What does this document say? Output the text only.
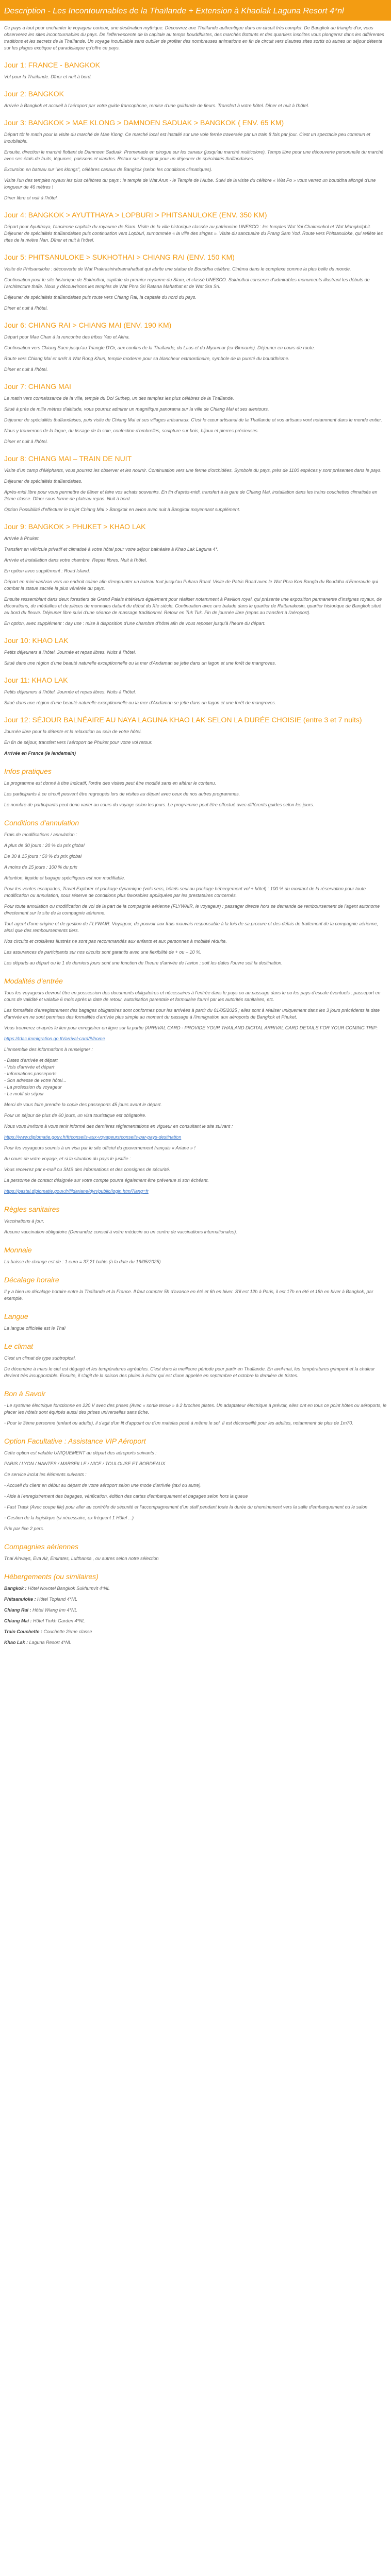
Description - Les Incontournables de la Thaïlande + Extension à Khaolak Laguna Resort 4*nl

Ce pays a tout pour enchanter le voyageur curieux, une destination mythique. Découvrez une Thaïlande authentique dans un circuit très complet. De Bangkok au triangle d'or, vous observerez les sites incontournables du pays. De l'effervescente de la capitale au temps bouddhistes, des marchés flottants et des quartiers insolites vous plongerez dans les différentes traditions et les secrets de la Thaïlande. Un voyage inoubliable sans oublier de profiter des nombreuses animations en fin de circuit vers d'autres sites sortis où autres un séjour détente sur les plages exotique et paradisiaque qu'offre ce pays.

Jour 1: FRANCE - BANGKOK

Vol pour la Thaïlande. Dîner et nuit à bord.

Jour 2: BANGKOK

Arrivée à Bangkok et accueil à l'aéroport par votre guide francophone, remise d'une guirlande de fleurs. Transfert à votre hôtel. Dîner et nuit à l'hôtel.

Jour 3: BANGKOK > MAE KLONG > DAMNOEN SADUAK > BANGKOK ( ENV. 65 KM)

Départ tôt le matin pour la visite du marché de Mae Klong. Ce marché local est installé sur une voie ferrée traversée par un train 8 fois par jour. C'est un spectacle peu commun et inoubliable.

Ensuite, direction le marché flottant de Damnoen Saduak. Promenade en pirogue sur les canaux (jusqu'au marché multicolore). Temps libre pour une découverte personnelle du marché avec ses étals de fruits, légumes, poissons et viandes. Retour sur Bangkok pour un déjeuner de spécialités thaïlandaises.

Excursion en bateau sur "les klongs", célèbres canaux de Bangkok (selon les conditions climatiques).

Visite l'un des temples royaux les plus célèbres du pays : le temple de Wat Arun - le Temple de l'Aube. Suivi de la visite du célèbre « Wat Po » vous verrez un bouddha allongé d'une longueur de 46 mètres !

Dîner libre et nuit à l'hôtel.

Jour 4: BANGKOK > AYUTTHAYA > LOPBURI > PHITSANULOKE (ENV. 350 KM)

Départ pour Ayutthaya, l'ancienne capitale du royaume de Siam. Visite de la ville historique classée au patrimoine UNESCO : les temples Wat Yai Chaimonkol et Wat Mongkolpbit. Déjeuner de spécialités thaïlandaises puis continuation vers Lopburi, surnommée « la ville des singes ». Visite du sanctuaire du Prang Sam Yod. Route vers Phitsanuloke, qui reflète les rites de la rivière Nan. Dîner et nuit à l'hôtel.

Jour 5: PHITSANULOKE > SUKHOTHAI > CHIANG RAI (ENV. 150 KM)

Visite de Phitsanuloke : découverte de Wat Prakrasiriratnamahathat qui abrite une statue de Bouddha célèbre. Cinéma dans le complexe comme la plus belle du monde.

Continuation pour le site historique de Sukhothai, capitale du premier royaume du Siam, et classé UNESCO. Sukhothai conserve d'admirables monuments illustrant les débuts de l'architecture thaïe. Nous y découvrirons les temples de Wat Phra Sri Ratana Mahathat et de Wat Sra Sri.

Déjeuner de spécialités thaïlandaises puis route vers Chiang Rai, la capitale du nord du pays.

Dîner et nuit à l'hôtel.

Jour 6: CHIANG RAI > CHIANG MAI (ENV. 190 KM)

Départ pour Mae Chan à la rencontre des tribus Yao et Akha.

Continuation vers Chiang Saen jusqu'au Triangle D'Or, aux confins de la Thaïlande, du Laos et du Myanmar (ex-Birmanie). Déjeuner en cours de route.

Route vers Chiang Mai et arrêt à Wat Rong Khun, temple moderne pour sa blancheur extraordinaire, symbole de la pureté du bouddhisme.

Dîner et nuit à l'hôtel.

Jour 7: CHIANG MAI

Le matin vers connaissance de la ville, temple du Doi Suthep, un des temples les plus célèbres de la Thaïlande.

Situé à près de mille mètres d'altitude, vous pourrez admirer un magnifique panorama sur la ville de Chiang Mai et ses alentours.

Déjeuner de spécialités thaïlandaises, puis visite de Chiang Mai et ses villages artisanaux. C'est le cœur artisanal de la Thaïlande et vos artisans vont notamment dans le monde entier.

Nous y trouverons de la laque, du tissage de la soie, confection d'ombrelles, sculpture sur bois, bijoux et pierres précieuses.

Dîner et nuit à l'hôtel.

Jour 8: CHIANG MAI – TRAIN DE NUIT

Visite d'un camp d'éléphants, vous pourrez les observer et les nourrir. Continuation vers une ferme d'orchidées. Symbole du pays, près de 1100 espèces y sont présentes dans le pays.

Déjeuner de spécialités thaïlandaises.

Après-midi libre pour vous permettre de flâner et faire vos achats souvenirs. En fin d'après-midi, transfert à la gare de Chiang Mai, installation dans les trains couchettes climatisés en 2ème classe. Dîner sous forme de plateau repas. Nuit à bord.

Option Possibilité d'effectuer le trajet Chiang Mai > Bangkok en avion avec nuit à Bangkok moyennant supplément.

Jour 9: BANGKOK > PHUKET > KHAO LAK

Arrivée à Phuket.

Transfert en véhicule privatif et climatisé à votre hôtel pour votre séjour balnéaire à Khao Lak Laguna 4*.

Arrivée et installation dans votre chambre. Repas libres. Nuit à l'hôtel.

En option avec supplément : Road Island.

Départ en mini-van/van vers un endroit calme afin d'emprunter un bateau tout jusqu'au Pukara Road. Visite de Patric Road avec le Wat Phra Kon Bangla du Bouddha d'Emeraude qui combat la statue sacrée la plus vénérée du pays.

Ensuite ressemblant dans deux forestiers de Grand Palais intérieurs également pour réaliser notamment à Pavillon royal, qui présente une exposition permanente d'insignes royaux, de décorations, de médailles et de pièces de monnaies datant du début du XIe siècle. Continuation avec une balade dans le quartier de Rattanakosin, quartier historique de Bangkok situé au bord du fleuve. Déjeuner libre suivi d'une séance de massage traditionnel. Retour en Tuk Tuk. Fin de journée libre (repas au transfert à l'aéroport).

En option, avec supplément : day use : mise à disposition d'une chambre d'hôtel afin de vous reposer jusqu'à l'heure du départ.

Jour 10: KHAO LAK

Petits déjeuners à l'hôtel. Journée et repas libres. Nuits à l'hôtel.

Situé dans une région d'une beauté naturelle exceptionnelle ou la mer d'Andaman se jette dans un lagon et une forêt de mangroves.

Jour 11: KHAO LAK

Petits déjeuners à l'hôtel. Journée et repas libres. Nuits à l'hôtel.

Situé dans une région d'une beauté naturelle exceptionnelle ou la mer d'Andaman se jette dans un lagon et une forêt de mangroves.

Jour 12: SÉJOUR BALNÉAIRE AU NAYA LAGUNA KHAO LAK SELON LA DURÉE CHOISIE (entre 3 et 7 nuits)

Journée libre pour la détente et la relaxation au sein de votre hôtel.

En fin de séjour, transfert vers l'aéroport de Phuket pour votre vol retour.

Arrivée en France (le lendemain)

Infos pratiques

Le programme est donné à titre indicatif, l'ordre des visites peut être modifié sans en altérer le contenu.

Les participants à ce circuit peuvent être regroupés lors de visites au départ avec ceux de nos autres programmes.

Le nombre de participants peut donc varier au cours du voyage selon les jours. Le programme peut être effectué avec différents guides selon les jours.

Conditions d'annulation

Frais de modifications / annulation :

A plus de 30 jours : 20 % du prix global

De 30 à 15 jours : 50 % du prix global

A moins de 15 jours : 100 % du prix

Attention, liquide et bagage spécifiques est non modifiable.

Pour les ventes escapades, Travel Explorer et package dynamique (vols secs, hôtels seul ou package hébergement vol + hôtel) : 100 % du montant de la réservation pour toute modification ou annulation, sous réserve de conditions plus favorables appliquées par les prestataires concernés.

Pour toute annulation ou modification de vol de la part de la compagnie aérienne (FLYWAIR, le voyageur) : passager directe hors se demande de remboursement de l'agent autonome directement sur le site de la compagnie aérienne.

Tout agent d'une origine et de gestion de FLYWAIR. Voyageur, de pouvoir aux frais mauvais responsable à la fois de sa procure et des délais de traitement de la compagnie aérienne, ainsi que des remboursements tiers.

Nos circuits et croisières Ilustrés ne sont pas recommandés aux enfants et aux personnes à mobilité réduite.

Les assurances de participants sur nos circuits sont garantis avec une flexibilité de + ou – 10 %.

Les départs au départ ou le 1 de derniers jours sont une fonction de l'heure d'arrivée de l'avion ; soit les dates l'ouvre soit la destination.

Modalités d'entrée

Tous les voyageurs devront être en possession des documents obligatoires et nécessaires à l'entrée dans le pays ou au passage dans le ou les pays d'escale éventuels : passeport en cours de validité et valable 6 mois après la date de retour, autorisation parentale et formulaire fourni par les autorités sanitaires, etc.

Les formalités d'enregistrement des bagages obligatoires sont conformes pour les arrivées à partir du 01/05/2025 ; elles sont à réaliser uniquement dans les 3 jours précédents la date d'arrivée en ne sont permises des formalités d'arrivée plus simple au moment du passage à l'immigration aux aéroports de Bangkok et Phuket.

Vous trouverez ci-après le lien pour enregistrer en ligne sur la partie (ARRIVAL CARD - PROVIDE YOUR THAILAND DIGITAL ARRIVAL CARD DETAILS FOR YOUR COMING TRIP:

https://tdac.immigration.go.th/arrival-card/#/home

L'ensemble des informations à renseigner :

- Dates d'arrivée et départ
- Vols d'arrivée et départ
- Informations passeports
- Son adresse de votre hôtel...
- La profession du voyageur
- Le motif du séjour

Merci de vous faire prendre la copie des passeports 45 jours avant le départ.

Pour un séjour de plus de 60 jours, un visa touristique est obligatoire.

Nous vous invitons à vous tenir informé des dernières réglementations en vigueur en consultant le site suivant :

https://www.diplomatie.gouv.fr/fr/conseils-aux-voyageurs/conseils-par-pays-destination

Pour les voyageurs soumis à un visa par le site officiel du gouvernement français « Ariane » !

Au cours de votre voyage, et si la situation du pays le justifie :

Vous recevrez par e-mail ou SMS des informations et des consignes de sécurité.

La personne de contact désignée sur votre compte pourra également être prévenue si son échéant.

https://pastel.diplomatie.gouv.fr/fildariane/dyn/public/login.html?lang=fr

Règles sanitaires

Vaccinations à jour.

Aucune vaccination obligatoire (Demandez conseil à votre médecin ou un centre de vaccinations internationales).

Monnaie

La baisse de change est de : 1 euro = 37,21 bahts (à la date du 16/05/2025)

Décalage horaire

Il y a bien un décalage horaire entre la Thaïlande et la France. Il faut compter 5h d'avance en été et 6h en hiver. S'il est 12h à Paris, il est 17h en été et 18h en hiver à Bangkok, par exemple.

Langue

La langue officielle est le Thaï

Le climat

C'est un climat de type subtropical.

De décembre à mars le ciel est dégagé et les températures agréables. C'est donc la meilleure période pour partir en Thaïlande. En avril-mai, les températures grimpent et la chaleur devient très insupportable. Ensuite, il s'agit de la saison des pluies à éviter qui est d'une appelée en septembre et octobre la dernière de tristes.

Bon à Savoir

- Le système électrique fonctionne en 220 V avec des prises (Avec « sortie tenue » à 2 broches plates. Un adaptateur électrique à prévoir, elles ont en tous ce point hôtes ou aéroports, le placer les hôtels sont équipés aussi des prises universelles sans fiche.

- Pour le 3ème personne (enfant ou adulte), il s'agit d'un lit d'appoint ou d'un matelas posé à même le sol. Il est déconseillé pour les adultes, notamment de plus de 1m70.

Option Facultative : Assistance VIP Aéroport

Cette option est valable UNIQUEMENT au départ des aéroports suivants :

PARIS / LYON / NANTES / MARSEILLE / NICE / TOULOUSE ET BORDEAUX

Ce service inclut les éléments suivants :

- Accueil du client en début au départ de votre aéroport selon une mode d'arrivée (taxi ou autre).

- Aide à l'enregistrement des bagages, vérification, édition des cartes d'embarquement et bagages selon hors la queue

- Fast Track (Avec coupe file) pour aller au contrôle de sécurité et l'accompagnement d'un staff pendant toute la durée du cheminement vers la salle d'embarquement ou le salon

- Gestion de la logistique (si nécessaire, ex fréquent 1 Hôtel ...)

Prix par fixe 2 pers.

Compagnies aériennes

Thai Airways, Eva Air, Emirates, Lufthansa , ou autres selon notre sélection

Hébergements (ou similaires)

Bangkok : Hôtel Novotel Bangkok Sukhumvit 4*NL

Phitsanuloke : Hôtel Topland 4*NL

Chiang Rai : Hôtel Wiang Inn 4*NL

Chiang Mai : Hôtel Tinkh Garden 4*NL

Train Couchette : Couchette 2ème classe

Khao Lak : Laguna Resort 4*NL
